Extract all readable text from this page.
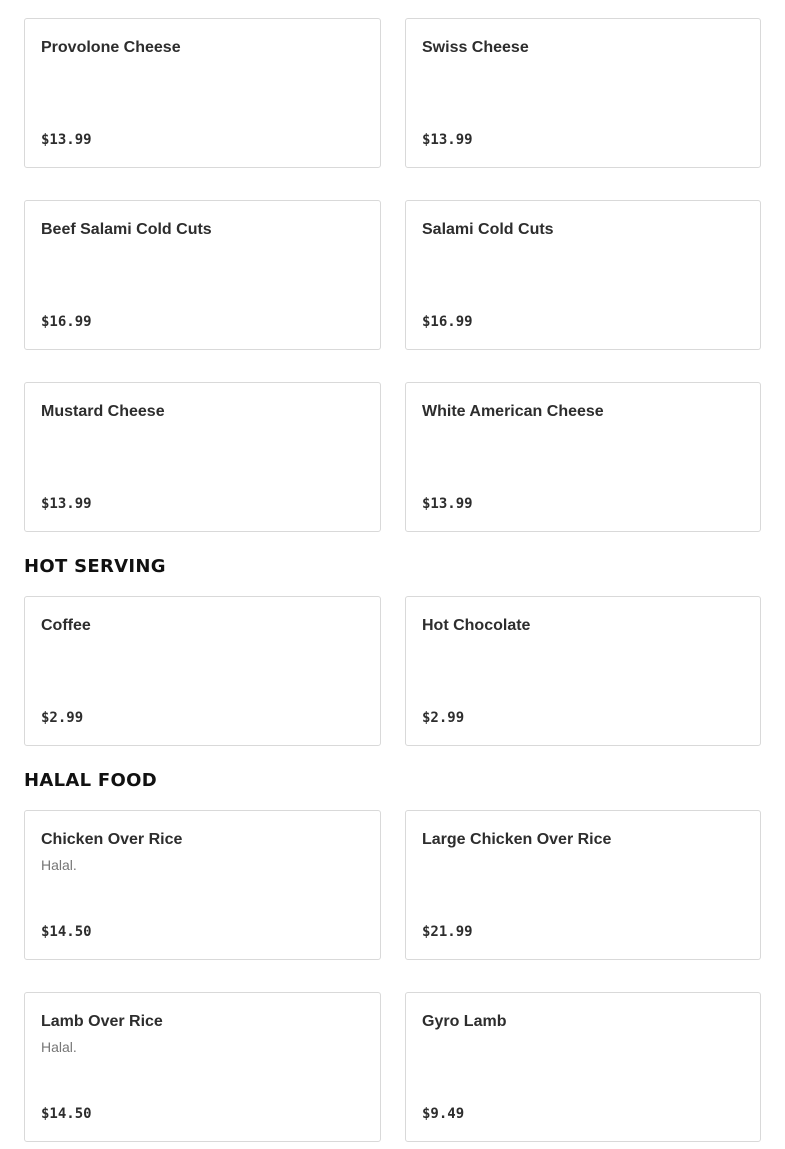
Provolone Cheese
$13.99
Swiss Cheese
$13.99
Beef Salami Cold Cuts
$16.99
Salami Cold Cuts
$16.99
Mustard Cheese
$13.99
White American Cheese
$13.99
HOT SERVING
Coffee
$2.99
Hot Chocolate
$2.99
HALAL FOOD
Chicken Over Rice
Halal.
$14.50
Large Chicken Over Rice
$21.99
Lamb Over Rice
Halal.
$14.50
Gyro Lamb
$9.49
